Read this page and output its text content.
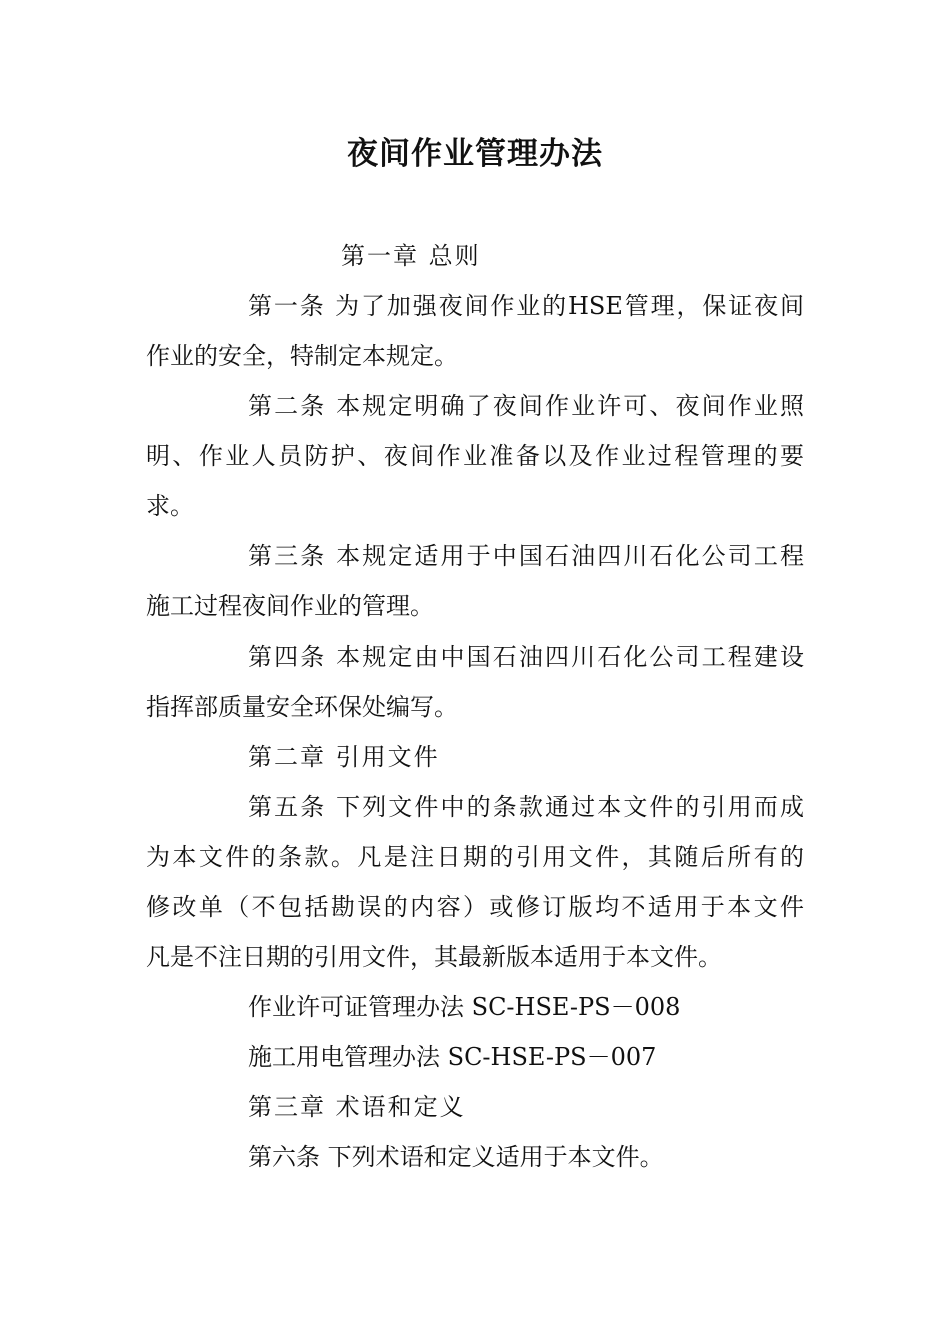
夜间作业管理办法
第一章 总则
第一条 为了加强夜间作业的HSE管理，保证夜间
作业的安全，特制定本规定。
第二条 本规定明确了夜间作业许可、夜间作业照
明、作业人员防护、夜间作业准备以及作业过程管理的要
求。
第三条 本规定适用于中国石油四川石化公司工程
施工过程夜间作业的管理。
第四条 本规定由中国石油四川石化公司工程建设
指挥部质量安全环保处编写。
第二章 引用文件
第五条 下列文件中的条款通过本文件的引用而成
为本文件的条款。凡是注日期的引用文件，其随后所有的
修改单（不包括勘误的内容）或修订版均不适用于本文件
凡是不注日期的引用文件，其最新版本适用于本文件。
作业许可证管理办法 SC-HSE-PS－008
施工用电管理办法 SC-HSE-PS－007
第三章 术语和定义
第六条 下列术语和定义适用于本文件。
